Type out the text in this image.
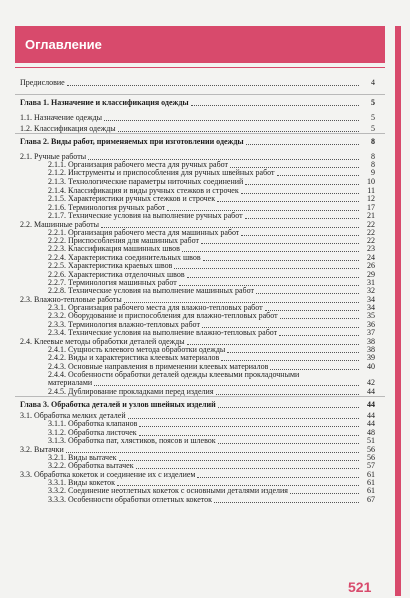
Оглавление
Предисловие	4
Глава 1. Назначение и классификация одежды	5
1.1. Назначение одежды	5
1.2. Классификация одежды	5
Глава 2. Виды работ, применяемых при изготовлении одежды	8
2.1. Ручные работы	8
2.1.1. Организация рабочего места для ручных работ	8
2.1.2. Инструменты и приспособления для ручных швейных работ	9
2.1.3. Технологические параметры ниточных соединений	10
2.1.4. Классификация и виды ручных стежков и строчек	11
2.1.5. Характеристики ручных стежков и строчек	12
2.1.6. Терминология ручных работ	17
2.1.7. Технические условия на выполнение ручных работ	21
2.2. Машинные работы	22
2.2.1. Организация рабочего места для машинных работ	22
2.2.2. Приспособления для машинных работ	22
2.2.3. Классификация машинных швов	23
2.2.4. Характеристика соединительных швов	24
2.2.5. Характеристика краевых швов	26
2.2.6. Характеристика отделочных швов	29
2.2.7. Терминология машинных работ	31
2.2.8. Технические условия на выполнение машинных работ	32
2.3. Влажно-тепловые работы	34
2.3.1. Организация рабочего места для влажно-тепловых работ	34
2.3.2. Оборудование и приспособления для влажно-тепловых работ	35
2.3.3. Терминология влажно-тепловых работ	36
2.3.4. Технические условия на выполнение влажно-тепловых работ	37
2.4. Клеевые методы обработки деталей одежды	38
2.4.1. Сущность клеевого метода обработки одежды	38
2.4.2. Виды и характеристика клеевых материалов	39
2.4.3. Основные направления в применении клеевых материалов	40
2.4.4. Особенности обработки деталей одежды клеевыми прокладочными
материалами	42
2.4.5. Дублирование прокладками перед изделия	44
Глава 3. Обработка деталей и узлов швейных изделий	44
3.1. Обработка мелких деталей	44
3.1.1. Обработка клапанов	44
3.1.2. Обработка листочек	48
3.1.3. Обработка пат, хлястиков, поясов и шлевок	51
3.2. Вытачки	56
3.2.1. Виды вытачек	56
3.2.2. Обработка вытачек	57
3.3. Обработка кокеток и соединение их с изделием	61
3.3.1. Виды кокеток	61
3.3.2. Соединение неотлетных кокеток с основными деталями изделия	61
3.3.3. Особенности обработки отлетных кокеток	67
521
